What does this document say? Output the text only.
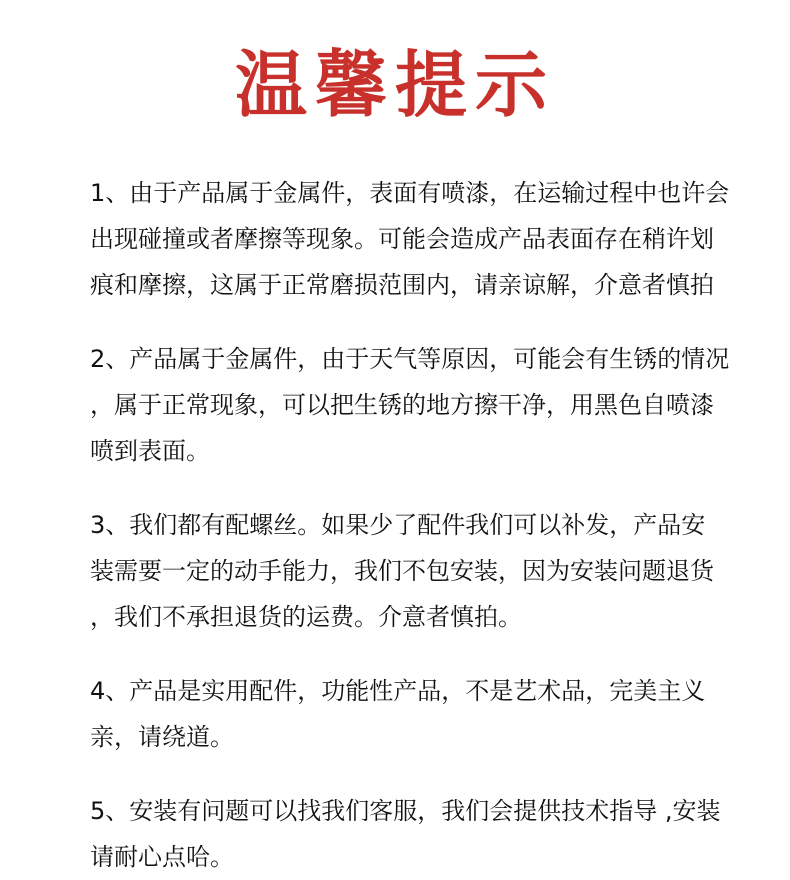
温馨提示
1、由于产品属于金属件，表面有喷漆，在运输过程中也许会
出现碰撞或者摩擦等现象。可能会造成产品表面存在稍许划
痕和摩擦，这属于正常磨损范围内，请亲谅解，介意者慎拍
2、产品属于金属件，由于天气等原因，可能会有生锈的情况
，属于正常现象，可以把生锈的地方擦干净，用黑色自喷漆
喷到表面。
3、我们都有配螺丝。如果少了配件我们可以补发，产品安
装需要一定的动手能力，我们不包安装，因为安装问题退货
，我们不承担退货的运费。介意者慎拍。
4、产品是实用配件，功能性产品，不是艺术品，完美主义
亲，请绕道。
5、安装有问题可以找我们客服，我们会提供技术指导 ,安装
请耐心点哈。
